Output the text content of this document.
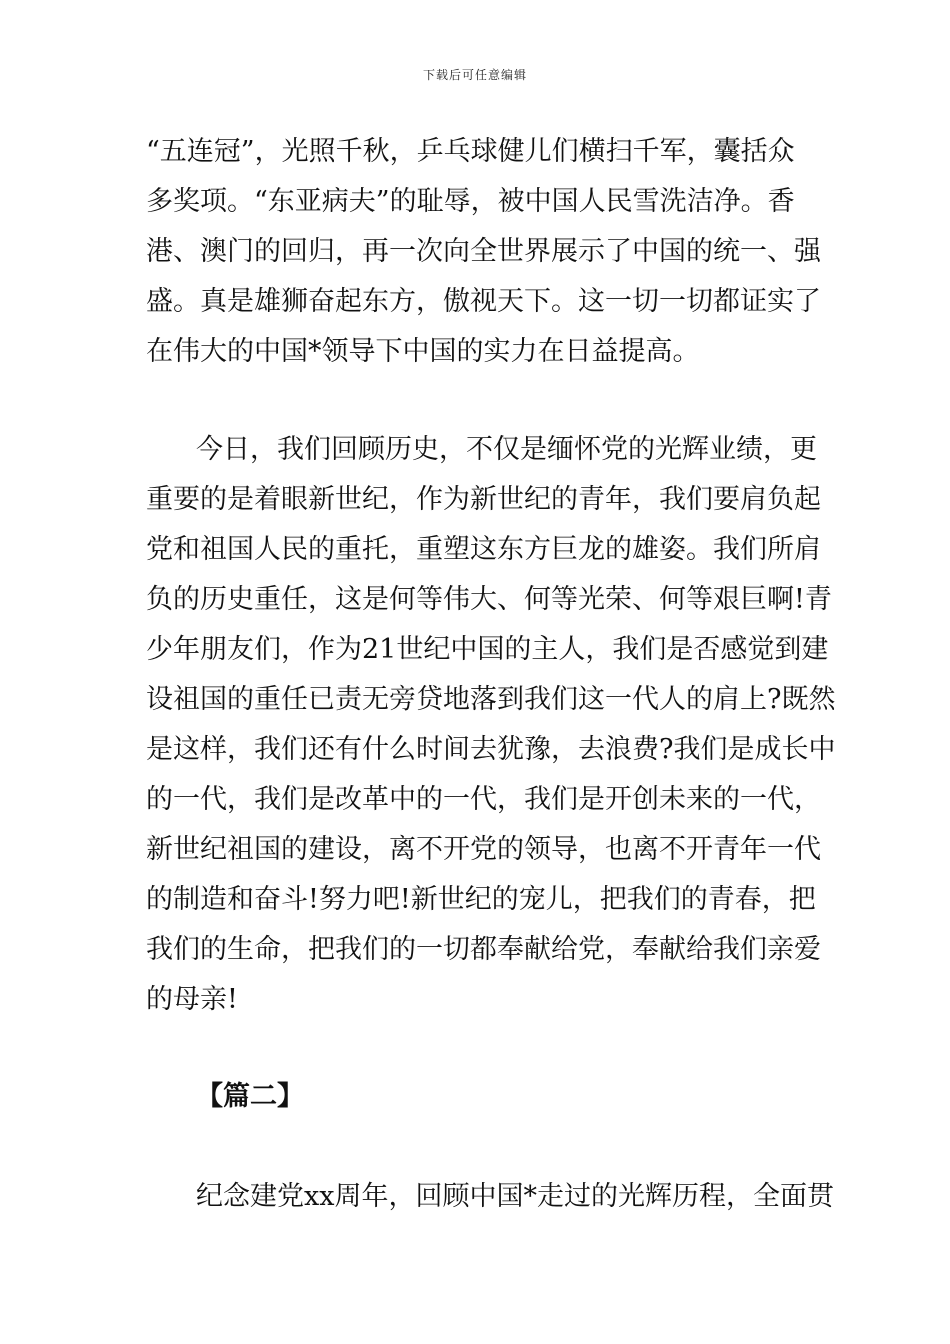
下载后可任意编辑
“五连冠”，光照千秋，乒乓球健儿们横扫千军，囊括众
多奖项。“东亚病夫”的耻辱，被中国人民雪洗洁净。香
港、澳门的回归，再一次向全世界展示了中国的统一、强
盛。真是雄狮奋起东方，傲视天下。这一切一切都证实了
在伟大的中国*领导下中国的实力在日益提高。
今日，我们回顾历史，不仅是缅怀党的光辉业绩，更
重要的是着眼新世纪，作为新世纪的青年，我们要肩负起
党和祖国人民的重托，重塑这东方巨龙的雄姿。我们所肩
负的历史重任，这是何等伟大、何等光荣、何等艰巨啊!青
少年朋友们，作为21世纪中国的主人，我们是否感觉到建
设祖国的重任已责无旁贷地落到我们这一代人的肩上?既然
是这样，我们还有什么时间去犹豫，去浪费?我们是成长中
的一代，我们是改革中的一代，我们是开创未来的一代，
新世纪祖国的建设，离不开党的领导，也离不开青年一代
的制造和奋斗!努力吧!新世纪的宠儿，把我们的青春，把
我们的生命，把我们的一切都奉献给党，奉献给我们亲爱
的母亲!
【篇二】
纪念建党xx周年，回顾中国*走过的光辉历程，全面贯
